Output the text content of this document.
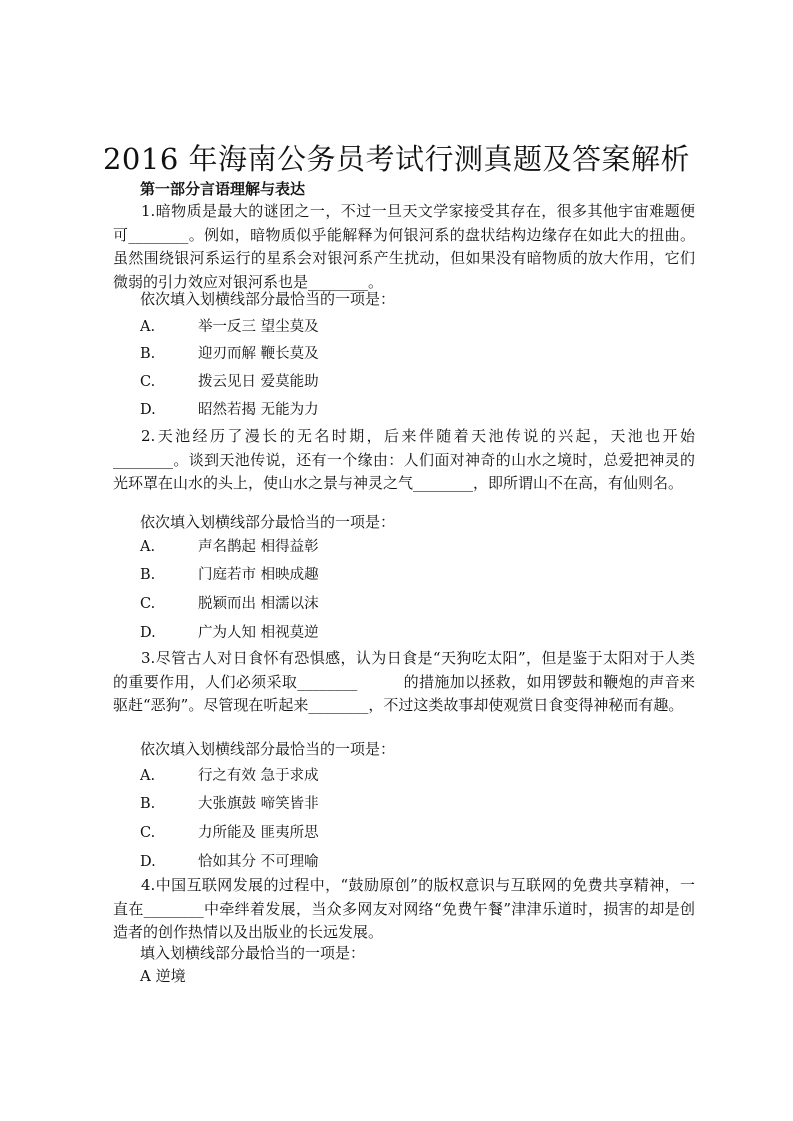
2016 年海南公务员考试行测真题及答案解析
第一部分言语理解与表达
1.暗物质是最大的谜团之一，不过一旦天文学家接受其存在，很多其他宇宙难题便可________。例如，暗物质似乎能解释为何银河系的盘状结构边缘存在如此大的扭曲。虽然围绕银河系运行的星系会对银河系产生扰动，但如果没有暗物质的放大作用，它们微弱的引力效应对银河系也是________。
依次填入划横线部分最恰当的一项是：
A.	举一反三 望尘莫及
B.	迎刃而解 鞭长莫及
C.	拨云见日 爱莫能助
D.	昭然若揭 无能为力
2.天池经历了漫长的无名时期，后来伴随着天池传说的兴起，天池也开始________。谈到天池传说，还有一个缘由：人们面对神奇的山水之境时，总爱把神灵的光环罩在山水的头上，使山水之景与神灵之气________，即所谓山不在高，有仙则名。
依次填入划横线部分最恰当的一项是：
A.	声名鹊起 相得益彰
B.	门庭若市 相映成趣
C.	脱颖而出 相濡以沫
D.	广为人知 相视莫逆
3.尽管古人对日食怀有恐惧感，认为日食是“天狗吃太阳”，但是鉴于太阳对于人类的重要作用，人们必须采取________　　　的措施加以拯救，如用锣鼓和鞭炮的声音来驱赶“恶狗”。尽管现在听起来________，不过这类故事却使观赏日食变得神秘而有趣。
依次填入划横线部分最恰当的一项是：
A.	行之有效 急于求成
B.	大张旗鼓 啼笑皆非
C.	力所能及 匪夷所思
D.	恰如其分 不可理喻
4.中国互联网发展的过程中，“鼓励原创”的版权意识与互联网的免费共享精神，一直在________中牵绊着发展，当众多网友对网络“免费午餐”津津乐道时，损害的却是创造者的创作热情以及出版业的长远发展。
填入划横线部分最恰当的一项是：
A 逆境
